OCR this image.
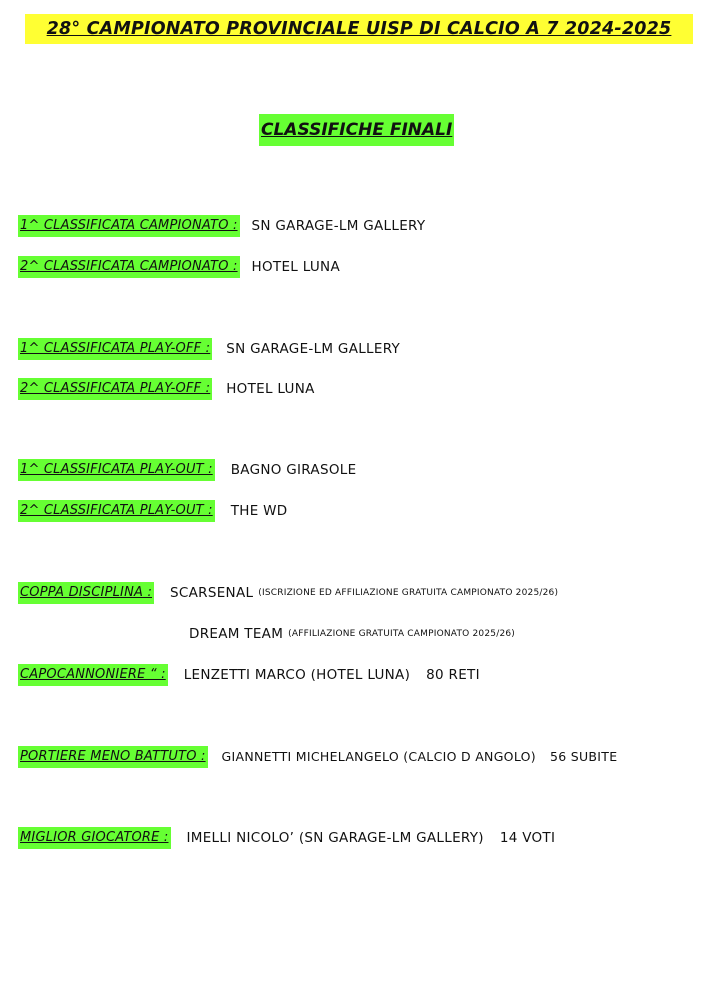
28° CAMPIONATO PROVINCIALE UISP DI CALCIO A 7 2024-2025
CLASSIFICHE FINALI
1^ CLASSIFICATA CAMPIONATO : SN GARAGE-LM GALLERY
2^ CLASSIFICATA CAMPIONATO : HOTEL LUNA
1^ CLASSIFICATA PLAY-OFF : SN GARAGE-LM GALLERY
2^ CLASSIFICATA PLAY-OFF : HOTEL LUNA
1^ CLASSIFICATA PLAY-OUT : BAGNO GIRASOLE
2^ CLASSIFICATA PLAY-OUT : THE WD
COPPA DISCIPLINA : SCARSENAL (ISCRIZIONE ED AFFILIAZIONE GRATUITA CAMPIONATO 2025/26)
DREAM TEAM (AFFILIAZIONE GRATUITA CAMPIONATO 2025/26)
CAPOCANNONIERE “ : LENZETTI MARCO (HOTEL LUNA) 80 RETI
PORTIERE MENO BATTUTO : GIANNETTI MICHELANGELO (CALCIO D ANGOLO) 56 SUBITE
MIGLIOR GIOCATORE : IMELLI NICOLO’ (SN GARAGE-LM GALLERY) 14 VOTI
